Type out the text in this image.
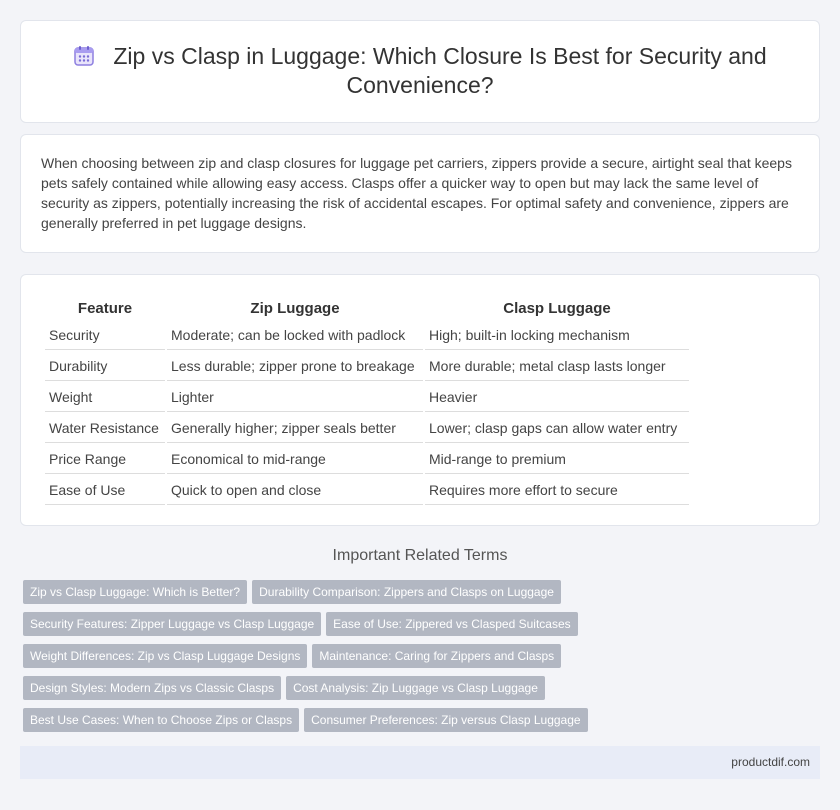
Zip vs Clasp in Luggage: Which Closure Is Best for Security and Convenience?

When choosing between zip and clasp closures for luggage pet carriers, zippers provide a secure, airtight seal that keeps pets safely contained while allowing easy access. Clasps offer a quicker way to open but may lack the same level of security as zippers, potentially increasing the risk of accidental escapes. For optimal safety and convenience, zippers are generally preferred in pet luggage designs.

Feature	Zip Luggage	Clasp Luggage
Security	Moderate; can be locked with padlock	High; built-in locking mechanism
Durability	Less durable; zipper prone to breakage	More durable; metal clasp lasts longer
Weight	Lighter	Heavier
Water Resistance	Generally higher; zipper seals better	Lower; clasp gaps can allow water entry
Price Range	Economical to mid-range	Mid-range to premium
Ease of Use	Quick to open and close	Requires more effort to secure
Important Related Terms
Zip vs Clasp Luggage: Which is Better? Durability Comparison: Zippers and Clasps on Luggage
Security Features: Zipper Luggage vs Clasp Luggage Ease of Use: Zippered vs Clasped Suitcases
Weight Differences: Zip vs Clasp Luggage Designs Maintenance: Caring for Zippers and Clasps
Design Styles: Modern Zips vs Classic Clasps Cost Analysis: Zip Luggage vs Clasp Luggage
Best Use Cases: When to Choose Zips or Clasps Consumer Preferences: Zip versus Clasp Luggage
productdif.com
